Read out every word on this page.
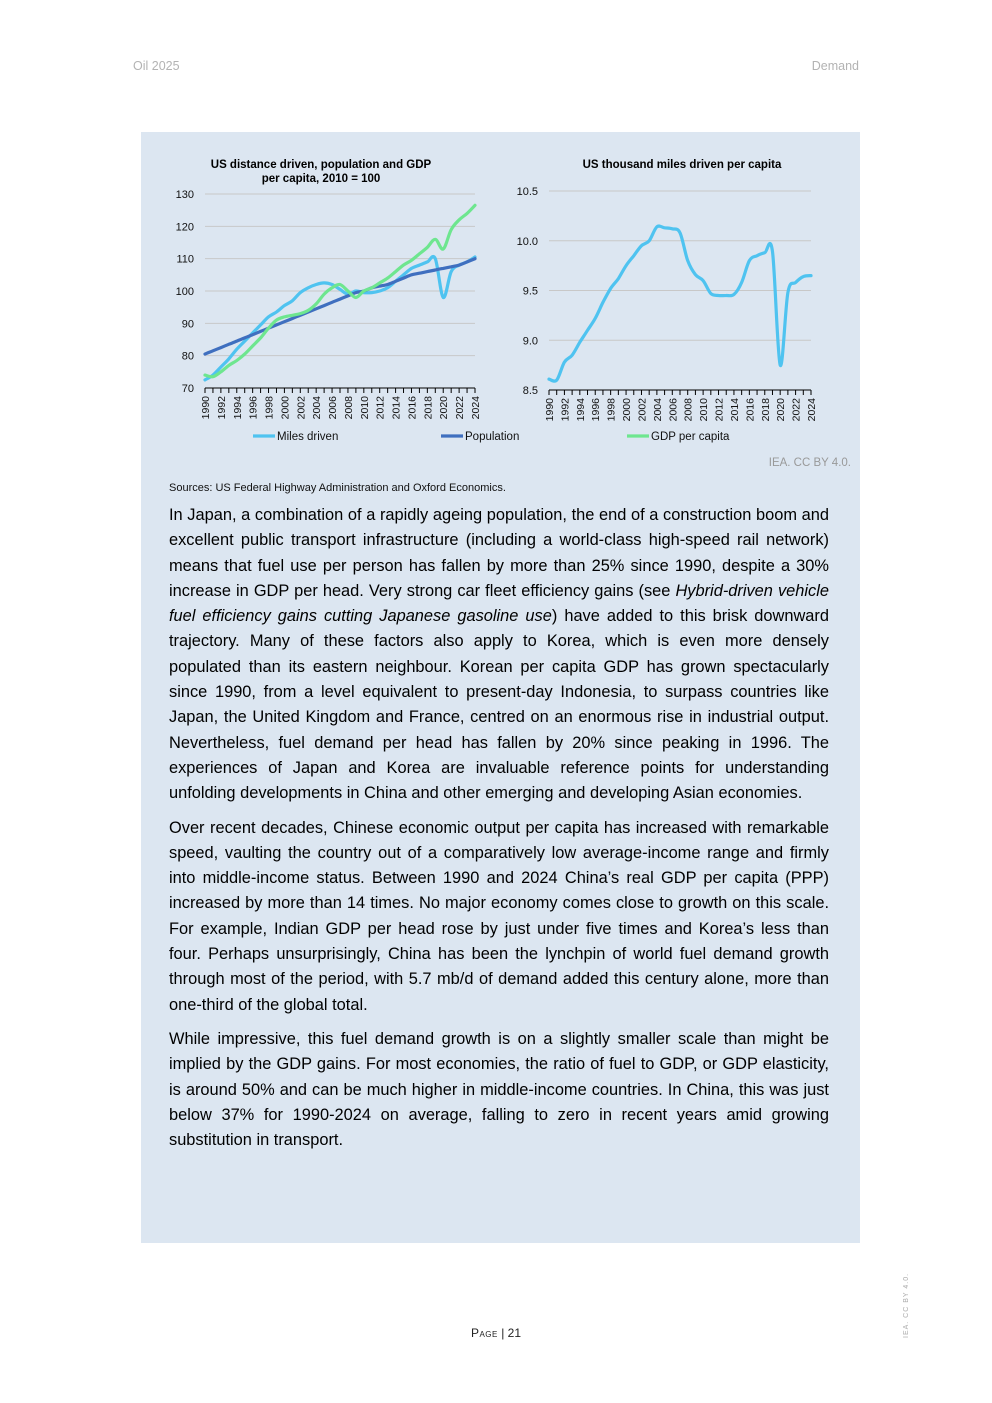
Oil 2025	Demand
US distance driven, population and GDP
per capita, 2010 = 100
70
80
90
100
110
120
130
1990 1992 1994 1996 1998 2000 2002 2004 2006 2008 2010 2012 2014 2016 2018 2020 2022 2024
US thousand miles driven per capita
8.5
9.0
9.5
10.0
10.5
1990 1992 1994 1996 1998 2000 2002 2004 2006 2008 2010 2012 2014 2016 2018 2020 2022 2024
Miles driven	Population	GDP per capita
IEA. CC BY 4.0.
Sources: US Federal Highway Administration and Oxford Economics.

In Japan, a combination of a rapidly ageing population, the end of a construction boom and excellent public transport infrastructure (including a world-class high-speed rail network) means that fuel use per person has fallen by more than 25% since 1990, despite a 30% increase in GDP per head. Very strong car fleet efficiency gains (see Hybrid-driven vehicle fuel efficiency gains cutting Japanese gasoline use) have added to this brisk downward trajectory. Many of these factors also apply to Korea, which is even more densely populated than its eastern neighbour. Korean per capita GDP has grown spectacularly since 1990, from a level equivalent to present-day Indonesia, to surpass countries like Japan, the United Kingdom and France, centred on an enormous rise in industrial output. Nevertheless, fuel demand per head has fallen by 20% since peaking in 1996. The experiences of Japan and Korea are invaluable reference points for understanding unfolding developments in China and other emerging and developing Asian economies.

Over recent decades, Chinese economic output per capita has increased with remarkable speed, vaulting the country out of a comparatively low average-income range and firmly into middle-income status. Between 1990 and 2024 China’s real GDP per capita (PPP) increased by more than 14 times. No major economy comes close to growth on this scale. For example, Indian GDP per head rose by just under five times and Korea’s less than four. Perhaps unsurprisingly, China has been the lynchpin of world fuel demand growth through most of the period, with 5.7 mb/d of demand added this century alone, more than one-third of the global total.

While impressive, this fuel demand growth is on a slightly smaller scale than might be implied by the GDP gains. For most economies, the ratio of fuel to GDP, or GDP elasticity, is around 50% and can be much higher in middle-income countries. In China, this was just below 37% for 1990-2024 on average, falling to zero in recent years amid growing substitution in transport.

Page | 21	IEA. CC BY 4.0.
